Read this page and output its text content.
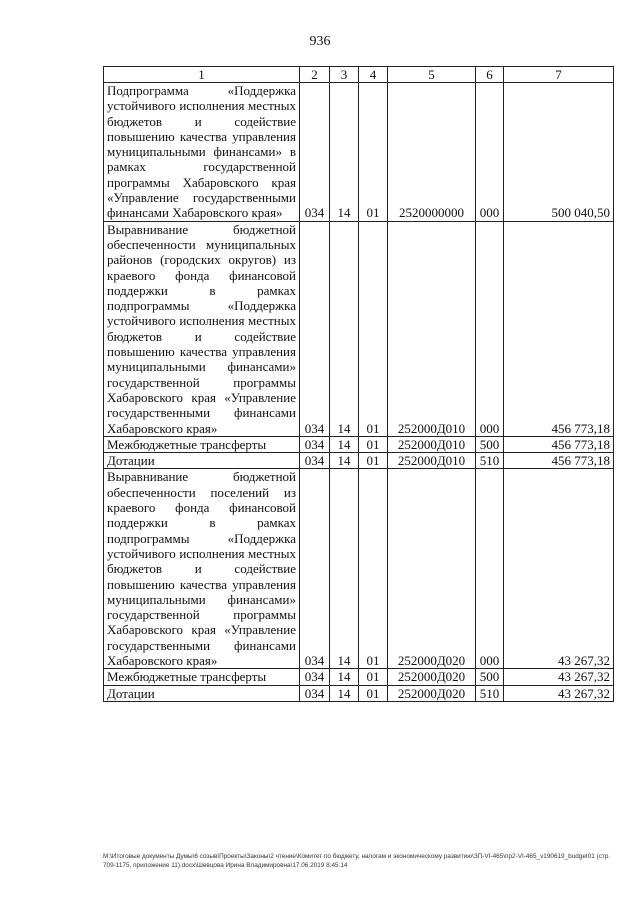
936
1	2	3	4	5	6	7
Подпрограмма «Поддержка устойчивого исполнения местных бюджетов и содействие повышению качества управления муниципальными финансами» в рамках государственной программы Хабаровского края «Управление государственными финансами Хабаровского края»	034	14	01	2520000000	000	500 040,50
Выравнивание бюджетной обеспеченности муниципальных районов (городских округов) из краевого фонда финансовой поддержки в рамках подпрограммы «Поддержка устойчивого исполнения местных бюджетов и содействие повышению качества управления муниципальными финансами» государственной программы Хабаровского края «Управление государственными финансами Хабаровского края»	034	14	01	252000Д010	000	456 773,18
Межбюджетные трансферты	034	14	01	252000Д010	500	456 773,18
Дотации	034	14	01	252000Д010	510	456 773,18
Выравнивание бюджетной обеспеченности поселений из краевого фонда финансовой поддержки в рамках подпрограммы «Поддержка устойчивого исполнения местных бюджетов и содействие повышению качества управления муниципальными финансами» государственной программы Хабаровского края «Управление государственными финансами Хабаровского края»	034	14	01	252000Д020	000	43 267,32
Межбюджетные трансферты	034	14	01	252000Д020	500	43 267,32
Дотации	034	14	01	252000Д020	510	43 267,32
M:\Итоговые документы Думы\6 созыв\Проекты\Законы\2 чтение\Комитет по бюджету, налогам и экономическому развитию\ЗП-VI-465\пр2-VI-465_v190619_budget01 (стр.709-1175, приложение 11).docx\Шевцова Ирина Владимировна\17.06.2019 8:45:14
